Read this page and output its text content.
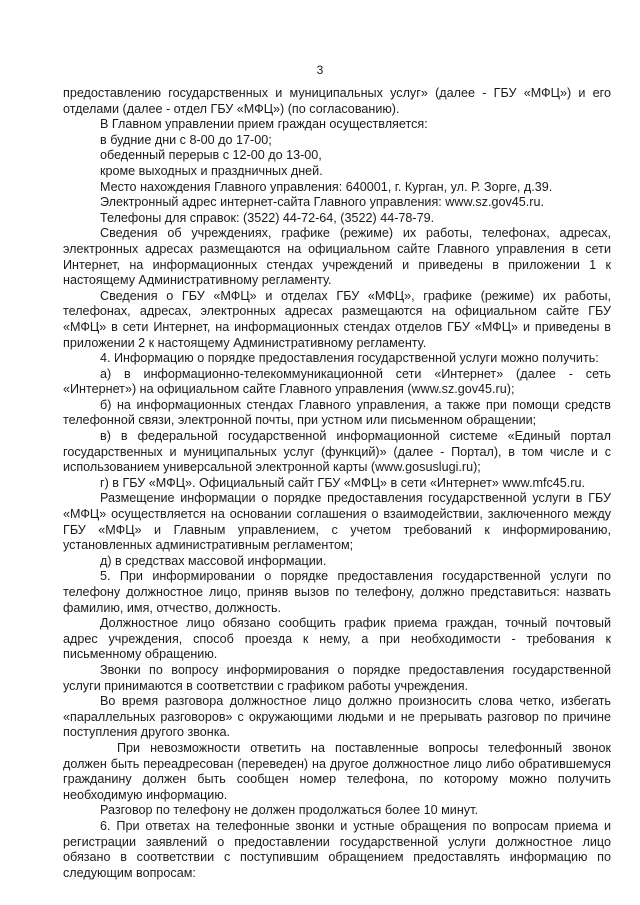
3

предоставлению государственных и муниципальных услуг» (далее - ГБУ «МФЦ») и его отделами (далее - отдел ГБУ «МФЦ») (по согласованию).

В Главном управлении прием граждан осуществляется:

в будние дни с 8-00 до 17-00;

обеденный перерыв с 12-00 до 13-00,

кроме выходных и праздничных дней.

Место нахождения Главного управления: 640001, г. Курган, ул. Р. Зорге, д.39.

Электронный адрес интернет-сайта Главного управления: www.sz.gov45.ru.

Телефоны для справок: (3522) 44-72-64, (3522) 44-78-79.

Сведения об учреждениях, графике (режиме) их работы, телефонах, адресах, электронных адресах размещаются на официальном сайте Главного управления в сети Интернет, на информационных стендах учреждений и приведены в приложении 1 к настоящему Административному регламенту.

Сведения о ГБУ «МФЦ» и отделах ГБУ «МФЦ», графике (режиме) их работы, телефонах, адресах, электронных адресах размещаются на официальном сайте ГБУ «МФЦ» в сети Интернет, на информационных стендах отделов ГБУ «МФЦ» и приведены в приложении 2 к настоящему Административному регламенту.

4. Информацию о порядке предоставления государственной услуги можно получить:

а) в информационно-телекоммуникационной сети «Интернет» (далее - сеть «Интернет») на официальном сайте Главного управления (www.sz.gov45.ru);

б) на информационных стендах Главного управления, а также при помощи средств телефонной связи, электронной почты, при устном или письменном обращении;

в) в федеральной государственной информационной системе «Единый портал государственных и муниципальных услуг (функций)» (далее - Портал), в том числе и с использованием универсальной электронной карты (www.gosuslugi.ru);

г) в ГБУ «МФЦ». Официальный сайт ГБУ «МФЦ» в сети «Интернет» www.mfc45.ru.

Размещение информации о порядке предоставления государственной услуги в ГБУ «МФЦ» осуществляется на основании соглашения о взаимодействии, заключенного между ГБУ «МФЦ» и Главным управлением, с учетом требований к информированию, установленных административным регламентом;

д) в средствах массовой информации.

5. При информировании о порядке предоставления государственной услуги по телефону должностное лицо, приняв вызов по телефону, должно представиться: назвать фамилию, имя, отчество, должность.

Должностное лицо обязано сообщить график приема граждан, точный почтовый адрес учреждения, способ проезда к нему, а при необходимости - требования к письменному обращению.

Звонки по вопросу информирования о порядке предоставления государственной услуги принимаются в соответствии с графиком работы учреждения.

Во время разговора должностное лицо должно произносить слова четко, избегать «параллельных разговоров» с окружающими людьми и не прерывать разговор по причине поступления другого звонка.

При невозможности ответить на поставленные вопросы телефонный звонок должен быть переадресован (переведен) на другое должностное лицо либо обратившемуся гражданину должен быть сообщен номер телефона, по которому можно получить необходимую информацию.

Разговор по телефону не должен продолжаться более 10 минут.

6. При ответах на телефонные звонки и устные обращения по вопросам приема и регистрации заявлений о предоставлении государственной услуги должностное лицо обязано в соответствии с поступившим обращением предоставлять информацию по следующим вопросам:
